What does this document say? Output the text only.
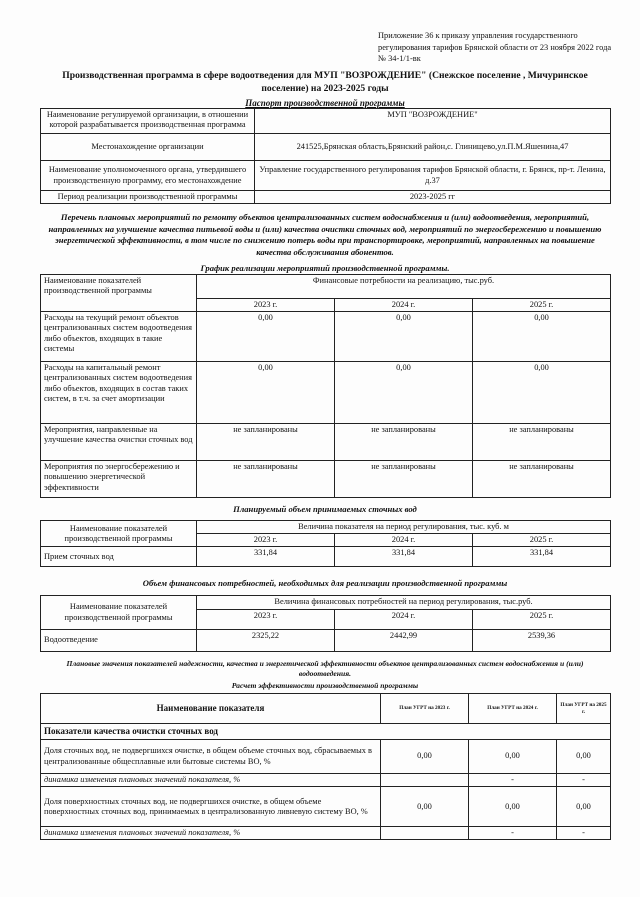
Приложение 36 к приказу управления государственного регулирования тарифов Брянской области от 23 ноября 2022 года № 34-1/1-вк
Производственная программа в сфере водоотведения для МУП "ВОЗРОЖДЕНИЕ" (Снежское поселение , Мичуринское поселение) на 2023-2025 годы
Паспорт производственной программы
Наименование регулируемой организации, в отношении которой разрабатывается производственная программа	МУП "ВОЗРОЖДЕНИЕ"
Местонахождение организации	241525,Брянская область,Брянский район,с. Глинищево,ул.П.М.Яшенина,47
Наименование уполномоченного органа, утвердившего производственную программу, его местонахождение	Управление государственного регулирования тарифов Брянской области, г. Брянск, пр-т. Ленина, д.37
Период реализации производственной программы	2023-2025 гг
Перечень плановых мероприятий по ремонту объектов централизованных систем водоснабжения и (или) водоотведения, мероприятий, направленных на улучшение качества питьевой воды и (или) качества очистки сточных вод, мероприятий по энергосбережению и повышению энергетической эффективности, в том числе по снижению потерь воды при транспортировке, мероприятий, направленных на повышение качества обслуживания абонентов.
График реализации мероприятий производственной программы.
Наименование показателей производственной программы	Финансовые потребности на реализацию, тыс.руб.		
	2023 г.	2024 г.	2025 г.
Расходы на текущий ремонт объектов централизованных систем водоотведения либо объектов, входящих в такие системы	0,00	0,00	0,00
Расходы на капитальный ремонт централизованных систем водоотведения либо объектов, входящих в состав таких систем, в т.ч. за счет амортизации	0,00	0,00	0,00
Мероприятия, направленные на улучшение качества очистки сточных вод	не запланированы	не запланированы	не запланированы
Мероприятия по энергосбережению и повышению энергетической эффективности	не запланированы	не запланированы	не запланированы
Планируемый объем принимаемых сточных вод
Наименование показателей производственной программы	Величина показателя на период регулирования, тыс. куб. м		
	2023 г.	2024 г.	2025 г.
Прием сточных вод	331,84	331,84	331,84
Объем финансовых потребностей, необходимых для реализации производственной программы
Наименование показателей производственной программы	Величина финансовых потребностей на период регулирования, тыс.руб.		
	2023 г.	2024 г.	2025 г.
Водоотведение	2325,22	2442,99	2539,36
Плановые значения показателей надежности, качества и энергетической эффективности объектов централизованных систем водоснабжения и (или) водоотведения.
Расчет эффективности производственной программы
Наименование показателя	План УГРТ на 2023 г.	План УГРТ на 2024 г.	План УГРТ на 2025 г.
Показатели качества очистки сточных вод			
Доля сточных вод, не подвергшихся очистке, в общем объеме сточных вод, сбрасываемых в централизованные общесплавные или бытовые системы ВО, %	0,00	0,00	0,00
динамика изменения плановых значений показателя, %		-	-
Доля поверхностных сточных вод, не подвергшихся очистке, в общем объеме поверхностных сточных вод, принимаемых в централизованную ливневую систему ВО, %	0,00	0,00	0,00
динамика изменения плановых значений показателя, %		-	-
